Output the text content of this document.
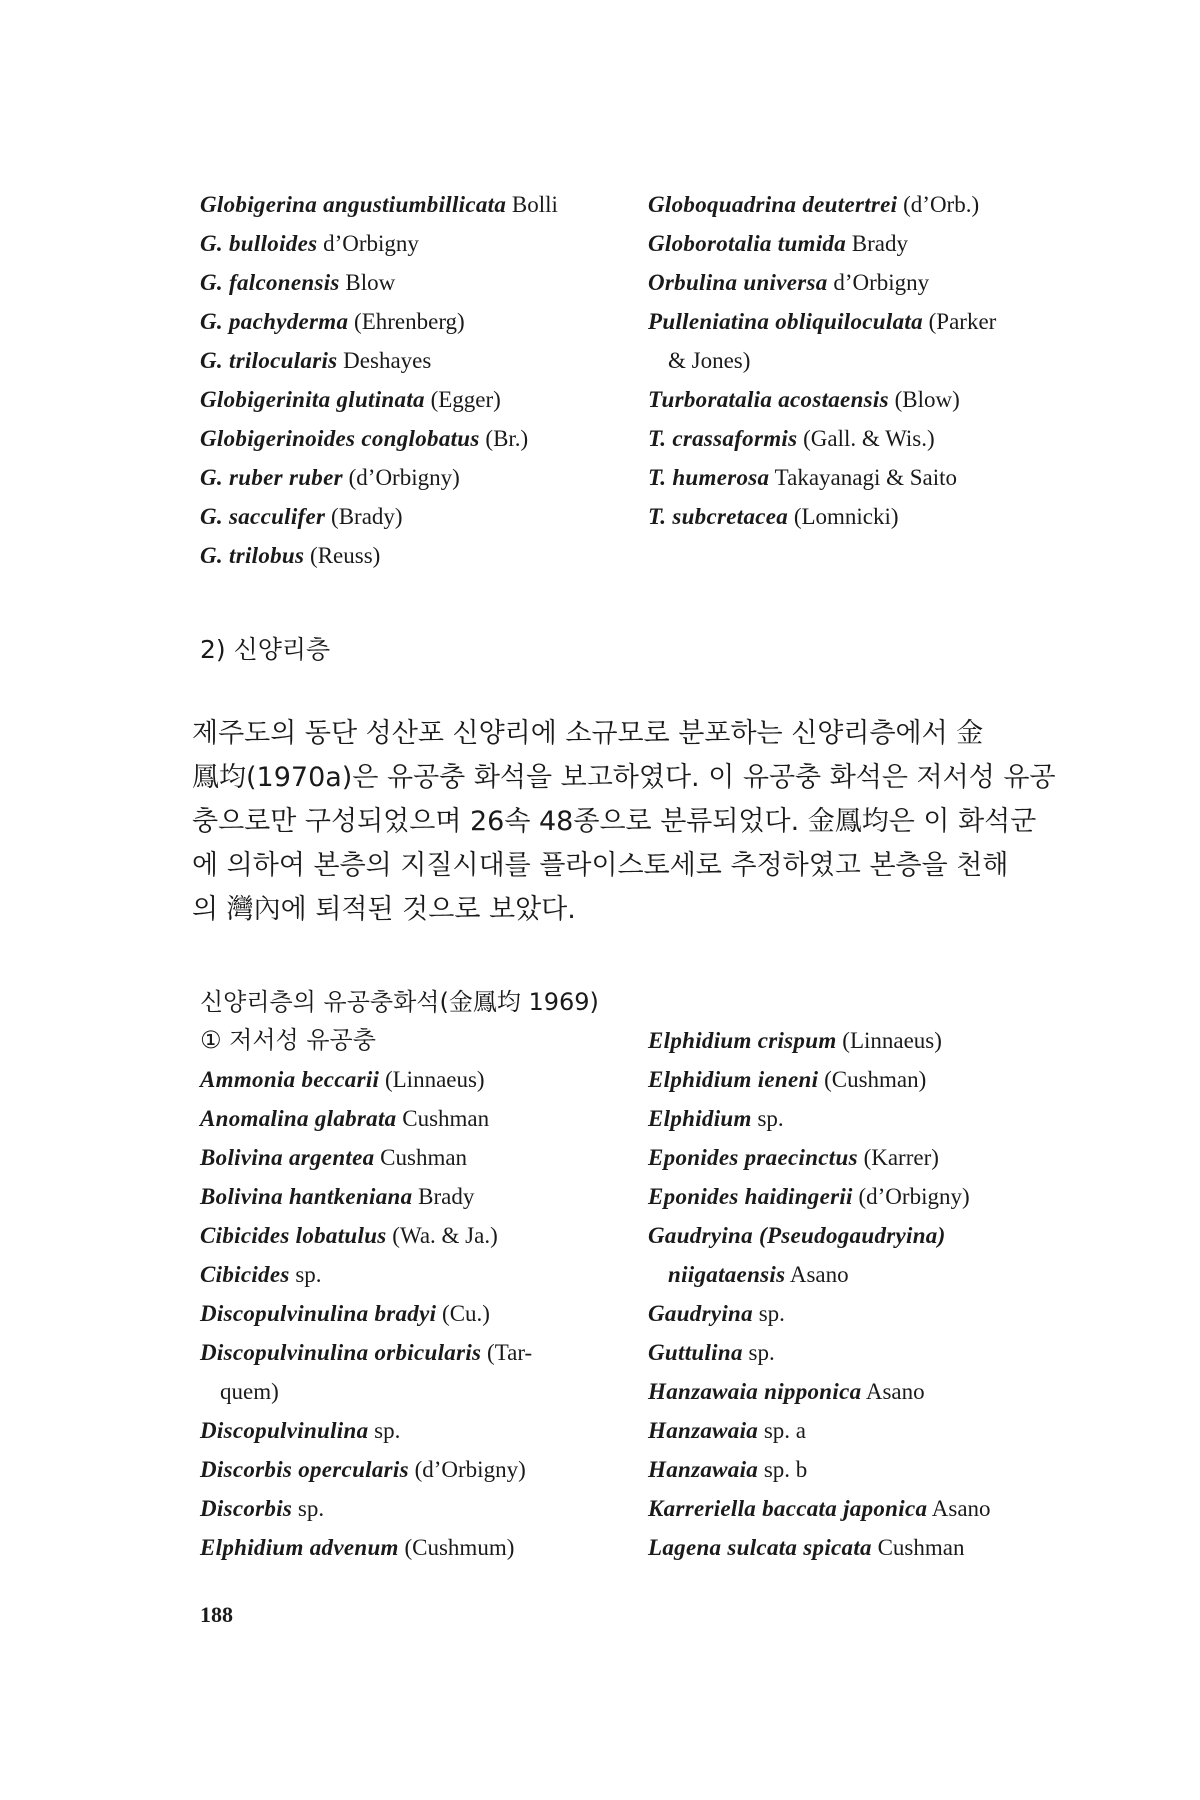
Globigerina angustiumbillicata Bolli
G. bulloides d’Orbigny
G. falconensis Blow
G. pachyderma (Ehrenberg)
G. trilocularis Deshayes
Globigerinita glutinata (Egger)
Globigerinoides conglobatus (Br.)
G. ruber ruber (d’Orbigny)
G. sacculifer (Brady)
G. trilobus (Reuss)
Globoquadrina deutertrei (d’Orb.)
Globorotalia tumida Brady
Orbulina universa d’Orbigny
Pulleniatina obliquiloculata (Parker
& Jones)
Turboratalia acostaensis (Blow)
T. crassaformis (Gall. & Wis.)
T. humerosa Takayanagi & Saito
T. subcretacea (Lomnicki)
2) 신양리층
제주도의 동단 성산포 신양리에 소규모로 분포하는 신양리층에서 金
鳳均(1970a)은 유공충 화석을 보고하였다. 이 유공충 화석은 저서성 유공
충으로만 구성되었으며 26속 48종으로 분류되었다. 金鳳均은 이 화석군
에 의하여 본층의 지질시대를 플라이스토세로 추정하였고 본층을 천해
의 灣內에 퇴적된 것으로 보았다.
신양리층의 유공충화석(金鳳均 1969)
① 저서성 유공충
Ammonia beccarii (Linnaeus)
Anomalina glabrata Cushman
Bolivina argentea Cushman
Bolivina hantkeniana Brady
Cibicides lobatulus (Wa. & Ja.)
Cibicides sp.
Discopulvinulina bradyi (Cu.)
Discopulvinulina orbicularis (Tar-
quem)
Discopulvinulina sp.
Discorbis opercularis (d’Orbigny)
Discorbis sp.
Elphidium advenum (Cushmum)
Elphidium crispum (Linnaeus)
Elphidium ieneni (Cushman)
Elphidium sp.
Eponides praecinctus (Karrer)
Eponides haidingerii (d’Orbigny)
Gaudryina (Pseudogaudryina)
niigataensis Asano
Gaudryina sp.
Guttulina sp.
Hanzawaia nipponica Asano
Hanzawaia sp. a
Hanzawaia sp. b
Karreriella baccata japonica Asano
Lagena sulcata spicata Cushman
188
